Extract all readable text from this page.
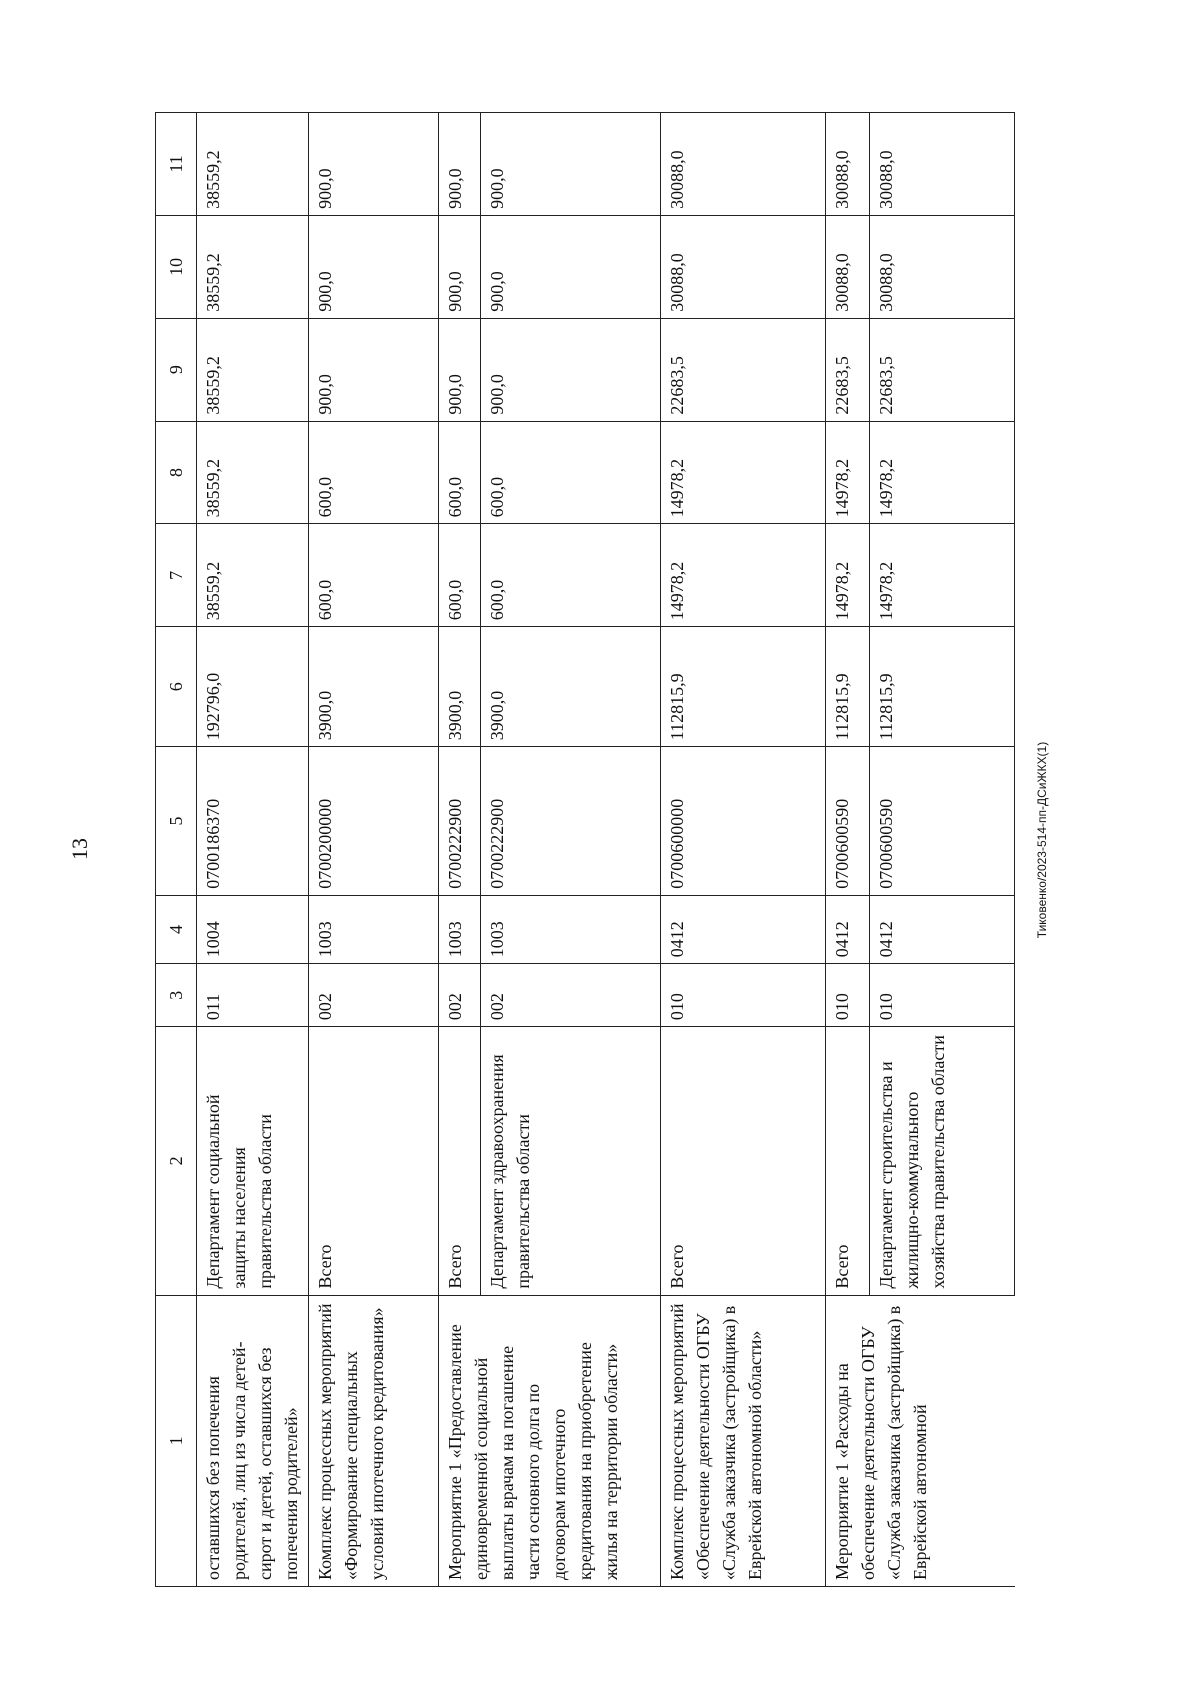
13
1	2	3	4	5	6	7	8	9	10	11
оставшихся без попечения родителей, лиц из числа детей-сирот и детей, оставшихся без попечения родителей»	Департамент социальной защиты населения правительства области	011	1004	0700186370	192796,0	38559,2	38559,2	38559,2	38559,2	38559,2
Комплекс процессных мероприятий «Формирование специальных условий ипотечного кредитования»	Всего	002	1003	0700200000	3900,0	600,0	600,0	900,0	900,0	900,0
Мероприятие 1 «Предоставление единовременной социальной выплаты врачам на погашение части основного долга по договорам ипотечного кредитования на приобретение жилья на территории области»	Всего	002	1003	0700222900	3900,0	600,0	600,0	900,0	900,0	900,0
	Департамент здравоохранения правительства области	002	1003	0700222900	3900,0	600,0	600,0	900,0	900,0	900,0
Комплекс процессных мероприятий «Обеспечение деятельности ОГБУ «Служба заказчика (застройщика) в Еврейской автономной области»	Всего	010	0412	0700600000	112815,9	14978,2	14978,2	22683,5	30088,0	30088,0
Мероприятие 1 «Расходы на обеспечение деятельности ОГБУ «Служба заказчика (застройщика) в Еврейской автономной	Всего	010	0412	0700600590	112815,9	14978,2	14978,2	22683,5	30088,0	30088,0
	Департамент строительства и жилищно-коммунального хозяйства правительства области	010	0412	0700600590	112815,9	14978,2	14978,2	22683,5	30088,0	30088,0
Тиковенко/2023-514-пп-ДСиЖКХ(1)
